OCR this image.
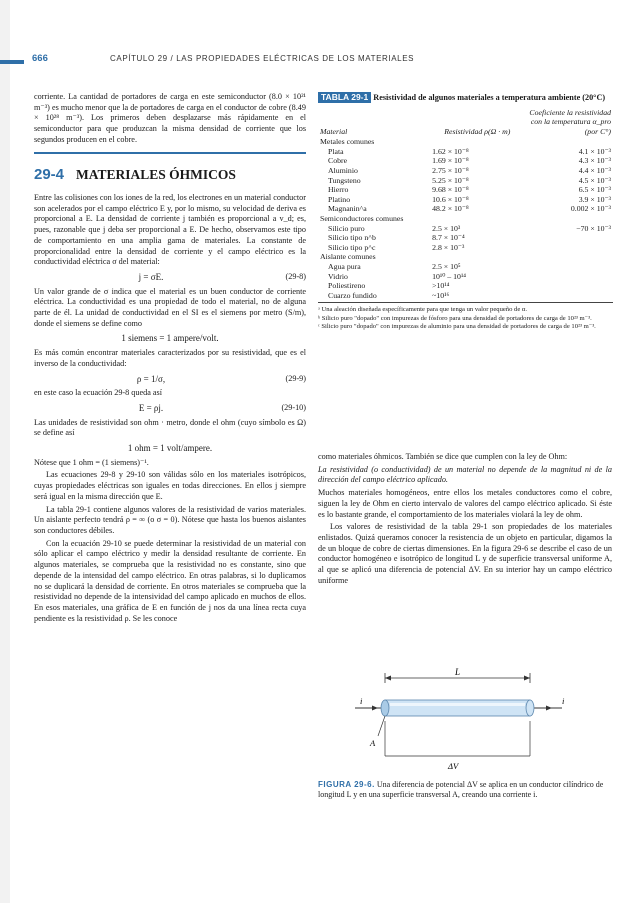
666	CAPÍTULO 29 / LAS PROPIEDADES ELÉCTRICAS DE LOS MATERIALES

corriente. La cantidad de portadores de carga en este semiconductor (8.0 × 10²¹ m⁻³) es mucho menor que la de portadores de carga en el conductor de cobre (8.49 × 10²⁸ m⁻³). Los primeros deben desplazarse más rápidamente en el semiconductor para que produzcan la misma densidad de corriente que los segundos producen en el cobre.

29-4 MATERIALES ÓHMICOS

Entre las colisiones con los iones de la red, los electrones en un material conductor son acelerados por el campo eléctrico E y, por lo mismo, su velocidad de deriva es proporcional a E. La densidad de corriente j también es proporcional a v_d; es, pues, razonable que j deba ser proporcional a E. De hecho, observamos este tipo de comportamiento en una amplia gama de materiales. La constante de proporcionalidad entre la densidad de corriente y el campo eléctrico es la conductividad eléctrica σ del material:

j = σE.	(29-8)

Un valor grande de σ indica que el material es un buen conductor de corriente eléctrica. La conductividad es una propiedad de todo el material, no de alguna parte de él. La unidad de conductividad en el SI es el siemens por metro (S/m), donde el siemens se define como

1 siemens = 1 ampere/volt.

Es más común encontrar materiales caracterizados por su resistividad, que es el inverso de la conductividad:

ρ = 1/σ,	(29-9)

en este caso la ecuación 29-8 queda así

E = ρj.	(29-10)

Las unidades de resistividad son ohm · metro, donde el ohm (cuyo símbolo es Ω) se define así

1 ohm = 1 volt/ampere.

Nótese que 1 ohm = (1 siemens)⁻¹.

Las ecuaciones 29-8 y 29-10 son válidas sólo en los materiales isotrópicos, cuyas propiedades eléctricas son iguales en todas direcciones. En ellos j siempre será igual en la misma dirección que E.

La tabla 29-1 contiene algunos valores de la resistividad de varios materiales. Un aislante perfecto tendrá ρ = ∞ (o σ = 0). Nótese que hasta los buenos aislantes son conductores débiles.

Con la ecuación 29-10 se puede determinar la resistividad de un material con sólo aplicar el campo eléctrico y medir la densidad resultante de corriente. En algunos materiales, se comprueba que la resistividad no es constante, sino que depende de la intensidad del campo eléctrico. En otras palabras, si lo duplicamos no se duplicará la densidad de corriente. En otros materiales se comprueba que la resistividad no depende de la intensividad del campo aplicado en muchos de ellos. En esos materiales, una gráfica de E en función de j nos da una línea recta cuya pendiente es la resistividad ρ. Se les conoce

TABLA 29-1 Resistividad de algunos materiales a temperatura ambiente (20°C)
Material	Resistividad ρ(Ω · m)	Coeficiente la resistividad con la temperatura α_pro (por C°)
Metales comunes		
Plata	1.62 × 10⁻⁸	4.1 × 10⁻³
Cobre	1.69 × 10⁻⁸	4.3 × 10⁻³
Aluminio	2.75 × 10⁻⁸	4.4 × 10⁻³
Tungsteno	5.25 × 10⁻⁸	4.5 × 10⁻³
Hierro	9.68 × 10⁻⁸	6.5 × 10⁻³
Platino	10.6 × 10⁻⁸	3.9 × 10⁻³
Magnanin^a	48.2 × 10⁻⁸	0.002 × 10⁻³
Semiconductores comunes		
Silicio puro	2.5 × 10³	−70 × 10⁻³
Silicio tipo n^b	8.7 × 10⁻⁴	
Silicio tipo p^c	2.8 × 10⁻³	
Aislante comunes		
Agua pura	2.5 × 10⁵	
Vidrio	10¹⁰ – 10¹⁴	
Poliestireno	>10¹⁴	
Cuarzo fundido	~10¹⁶	

ᵃ Una aleación diseñada específicamente para que tenga un valor pequeño de α.

ᵇ Silicio puro "dopado" con impurezas de fósforo para una densidad de portadores de carga de 10²³ m⁻³.

ᶜ Silicio puro "dopado" con impurezas de aluminio para una densidad de portadores de carga de 10²³ m⁻³.

como materiales óhmicos. También se dice que cumplen con la ley de Ohm:

La resistividad (o conductividad) de un material no depende de la magnitud ni de la dirección del campo eléctrico aplicado.

Muchos materiales homogéneos, entre ellos los metales conductores como el cobre, siguen la ley de Ohm en cierto intervalo de valores del campo eléctrico aplicado. Si éste es lo bastante grande, el comportamiento de los materiales violará la ley de ohm.

Los valores de resistividad de la tabla 29-1 son propiedades de los materiales enlistados. Quizá queramos conocer la resistencia de un objeto en particular, digamos la de un bloque de cobre de ciertas dimensiones. En la figura 29-6 se describe el caso de un conductor homogéneo e isotrópico de longitud L y de superficie transversal uniforme A, al que se aplicó una diferencia de potencial ΔV. En su interior hay un campo eléctrico uniforme

L
i	i
A
ΔV
FIGURA 29-6. Una diferencia de potencial ΔV se aplica en un conductor cilíndrico de longitud L y en una superficie transversal A, creando una corriente i.
